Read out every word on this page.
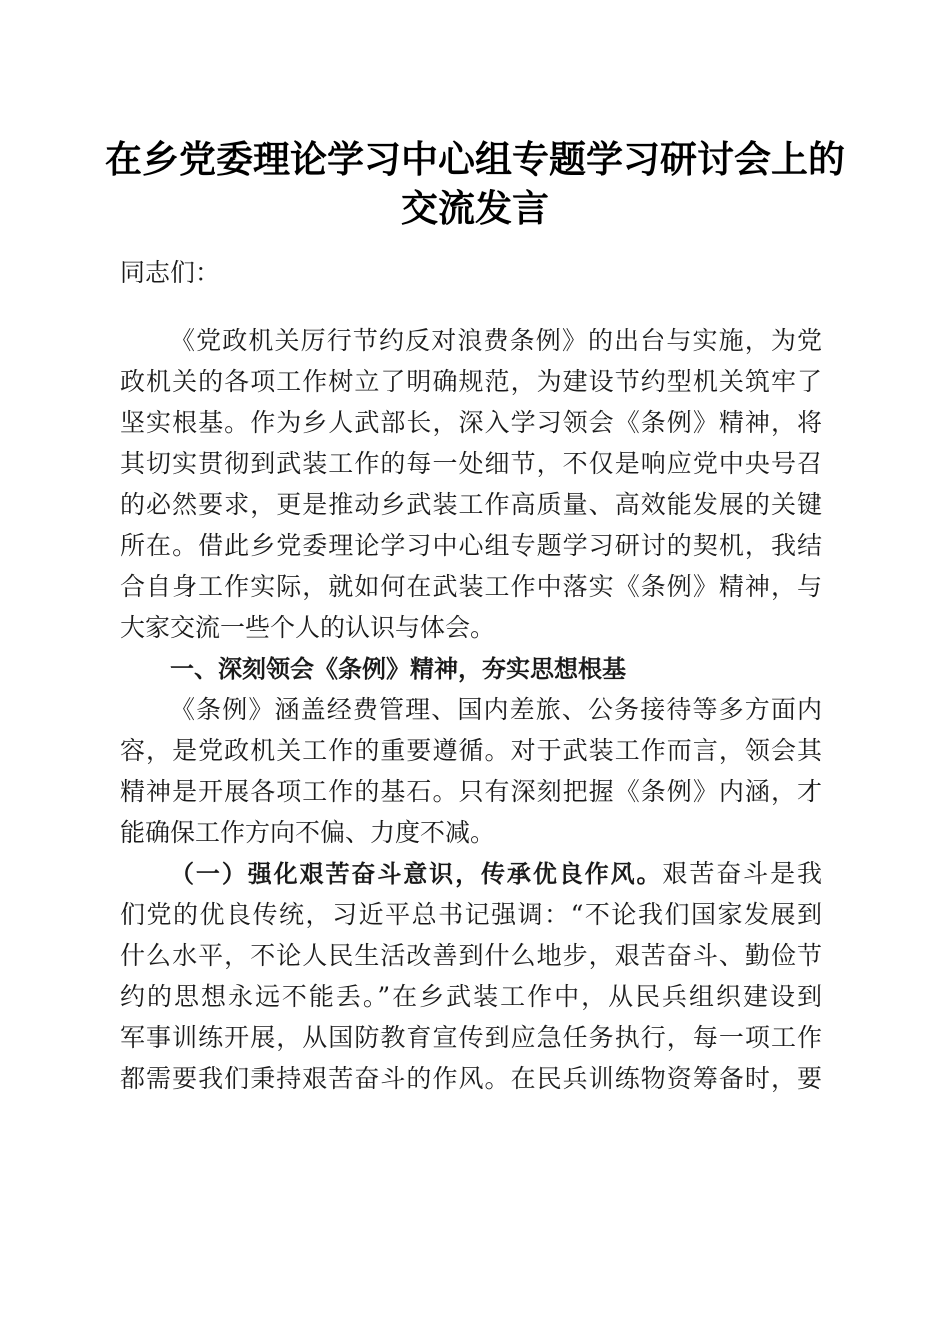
在乡党委理论学习中心组专题学习研讨会上的
交流发言
同志们：
《党政机关厉行节约反对浪费条例》的出台与实施，为党
政机关的各项工作树立了明确规范，为建设节约型机关筑牢了
坚实根基。作为乡人武部长，深入学习领会《条例》精神，将
其切实贯彻到武装工作的每一处细节，不仅是响应党中央号召
的必然要求，更是推动乡武装工作高质量、高效能发展的关键
所在。借此乡党委理论学习中心组专题学习研讨的契机，我结
合自身工作实际，就如何在武装工作中落实《条例》精神，与
大家交流一些个人的认识与体会。
一、深刻领会《条例》精神，夯实思想根基
《条例》涵盖经费管理、国内差旅、公务接待等多方面内
容，是党政机关工作的重要遵循。对于武装工作而言，领会其
精神是开展各项工作的基石。只有深刻把握《条例》内涵，才
能确保工作方向不偏、力度不减。
（一）强化艰苦奋斗意识，传承优良作风。艰苦奋斗是我
们党的优良传统，习近平总书记强调：“不论我们国家发展到
什么水平，不论人民生活改善到什么地步，艰苦奋斗、勤俭节
约的思想永远不能丢。”在乡武装工作中，从民兵组织建设到
军事训练开展，从国防教育宣传到应急任务执行，每一项工作
都需要我们秉持艰苦奋斗的作风。在民兵训练物资筹备时，要
